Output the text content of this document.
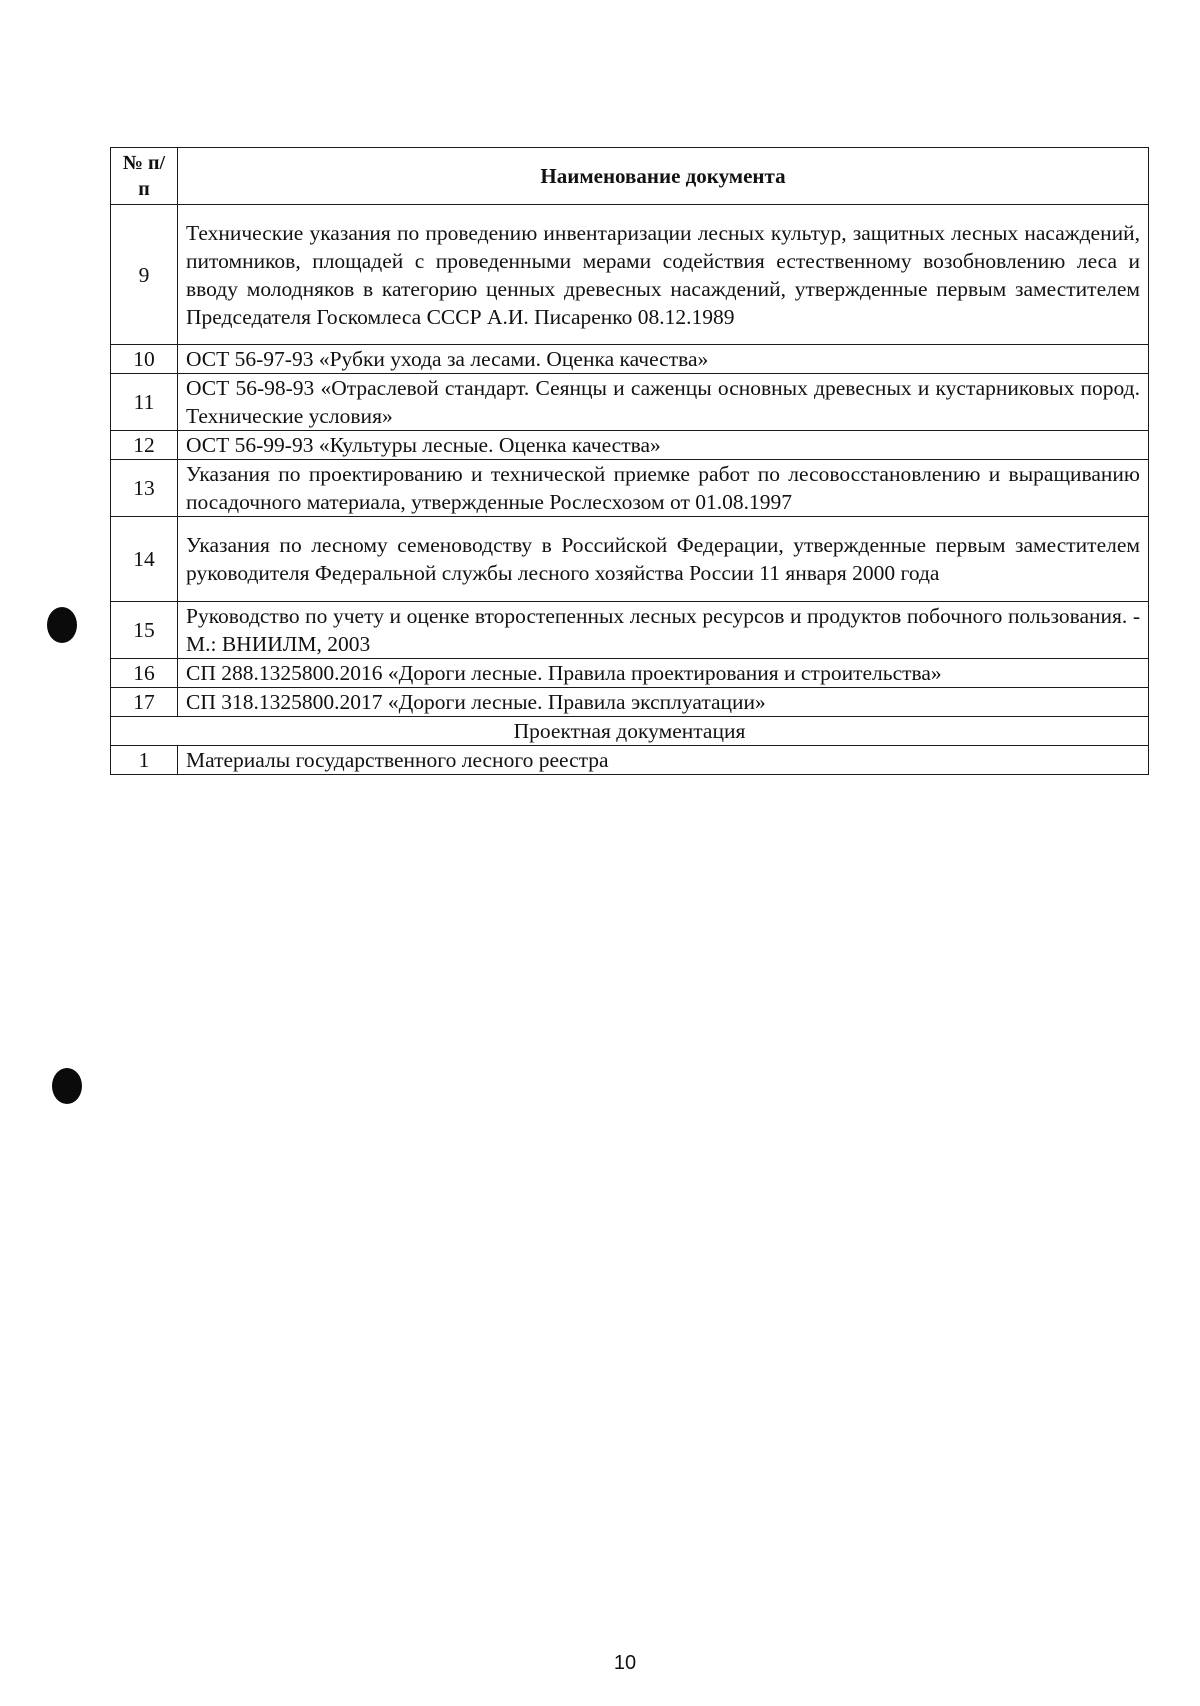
№ п/п	Наименование документа
9	Технические указания по проведению инвентаризации лесных культур, защитных лесных насаждений, питомников, площадей с проведенными мерами содействия естественному возобновлению леса и вводу молодняков в категорию ценных древесных насаждений, утвержденные первым заместителем Председателя Госкомлеса СССР А.И. Писаренко 08.12.1989
10	ОСТ 56-97-93 «Рубки ухода за лесами. Оценка качества»
11	ОСТ 56-98-93 «Отраслевой стандарт. Сеянцы и саженцы основных древесных и кустарниковых пород. Технические условия»
12	ОСТ 56-99-93 «Культуры лесные. Оценка качества»
13	Указания по проектированию и технической приемке работ по лесовосстановлению и выращиванию посадочного материала, утвержденные Рослесхозом от 01.08.1997
14	Указания по лесному семеноводству в Российской Федерации, утвержденные первым заместителем руководителя Федеральной службы лесного хозяйства России 11 января 2000 года
15	Руководство по учету и оценке второстепенных лесных ресурсов и продуктов побочного пользования. - М.: ВНИИЛМ, 2003
16	СП 288.1325800.2016 «Дороги лесные. Правила проектирования и строительства»
17	СП 318.1325800.2017 «Дороги лесные. Правила эксплуатации»
Проектная документация	
1	Материалы государственного лесного реестра
10
